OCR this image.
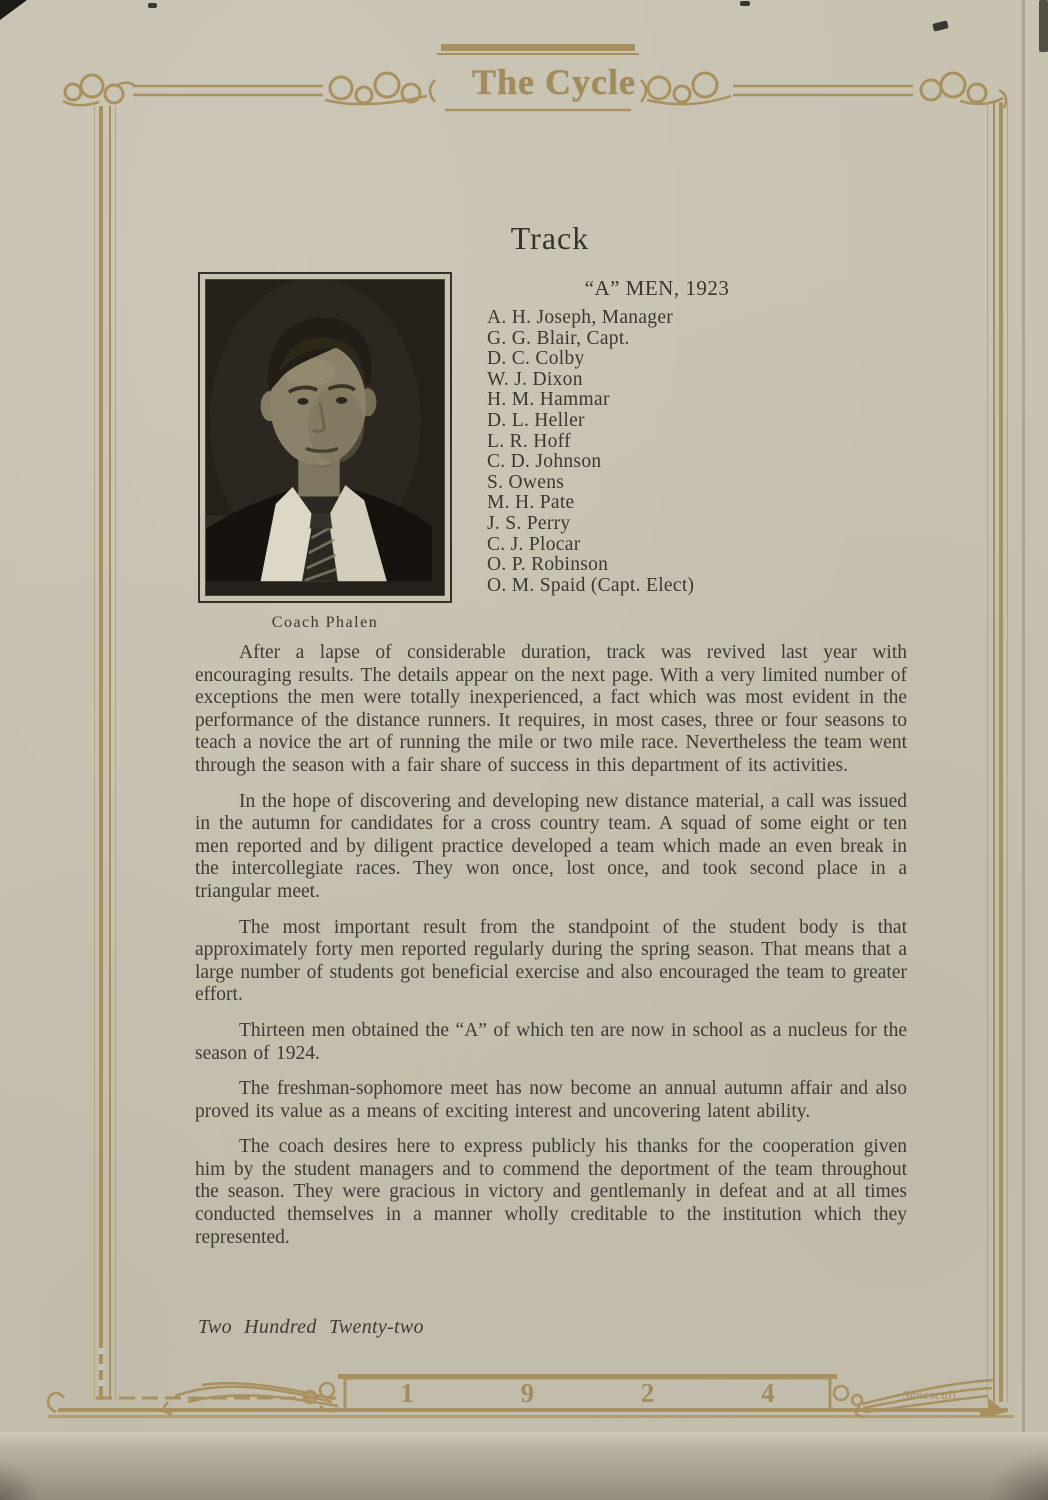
The Cycle
Track
Coach Phalen
“A” MEN, 1923
A. H. Joseph, Manager
G. G. Blair, Capt.
D. C. Colby
W. J. Dixon
H. M. Hammar
D. L. Heller
L. R. Hoff
C. D. Johnson
S. Owens
M. H. Pate
J. S. Perry
C. J. Plocar
O. P. Robinson
O. M. Spaid (Capt. Elect)

After a lapse of considerable duration, track was revived last year with encouraging results. The details appear on the next page. With a very limited number of exceptions the men were totally inexperienced, a fact which was most evident in the performance of the distance runners. It requires, in most cases, three or four seasons to teach a novice the art of running the mile or two mile race. Nevertheless the team went through the season with a fair share of success in this department of its activities.

In the hope of discovering and developing new distance material, a call was issued in the autumn for candidates for a cross country team. A squad of some eight or ten men reported and by diligent practice developed a team which made an even break in the intercollegiate races. They won once, lost once, and took second place in a triangular meet.

The most important result from the standpoint of the student body is that approximately forty men reported regularly during the spring season. That means that a large number of students got beneficial exercise and also encouraged the team to greater effort.

Thirteen men obtained the “A” of which ten are now in school as a nucleus for the season of 1924.

The freshman-sophomore meet has now become an annual autumn affair and also proved its value as a means of exciting interest and uncovering latent ability.

The coach desires here to express publicly his thanks for the cooperation given him by the student managers and to commend the deportment of the team throughout the season. They were gracious in victory and gentlemanly in defeat and at all times conducted themselves in a manner wholly creditable to the institution which they represented.

Two Hundred Twenty-two
1	9	2	4	Senescall.
